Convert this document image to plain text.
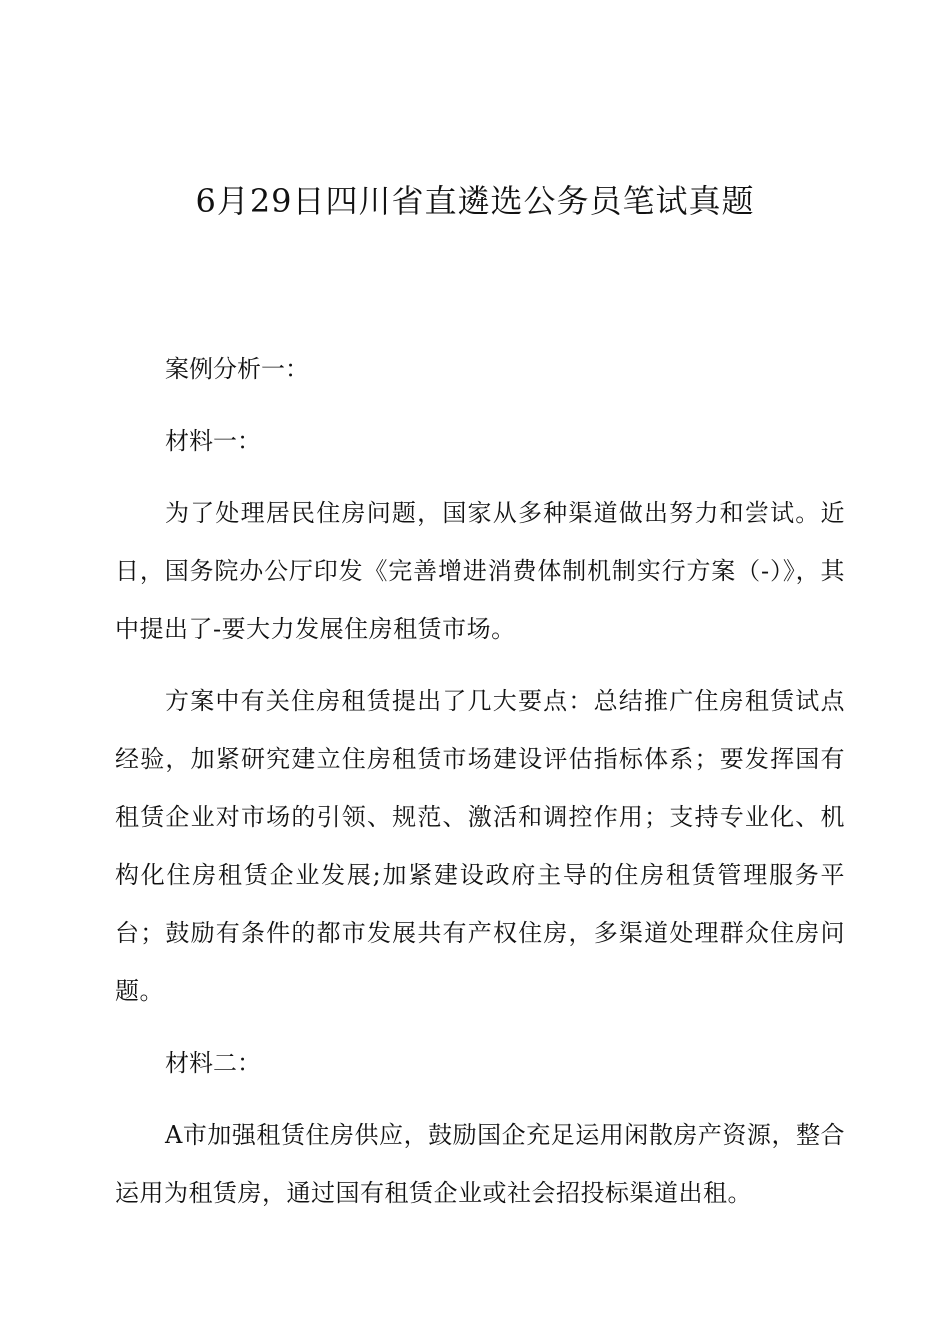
6月29日四川省直遴选公务员笔试真题
案例分析一：
材料一：

为了处理居民住房问题，国家从多种渠道做出努力和尝试。近日，国务院办公厅印发《完善增进消费体制机制实行方案（-）》，其中提出了-要大力发展住房租赁市场。

方案中有关住房租赁提出了几大要点：总结推广住房租赁试点经验，加紧研究建立住房租赁市场建设评估指标体系；要发挥国有租赁企业对市场的引领、规范、激活和调控作用；支持专业化、机构化住房租赁企业发展;加紧建设政府主导的住房租赁管理服务平台；鼓励有条件的都市发展共有产权住房，多渠道处理群众住房问题。

材料二：

A市加强租赁住房供应，鼓励国企充足运用闲散房产资源，整合运用为租赁房，通过国有租赁企业或社会招投标渠道出租。
